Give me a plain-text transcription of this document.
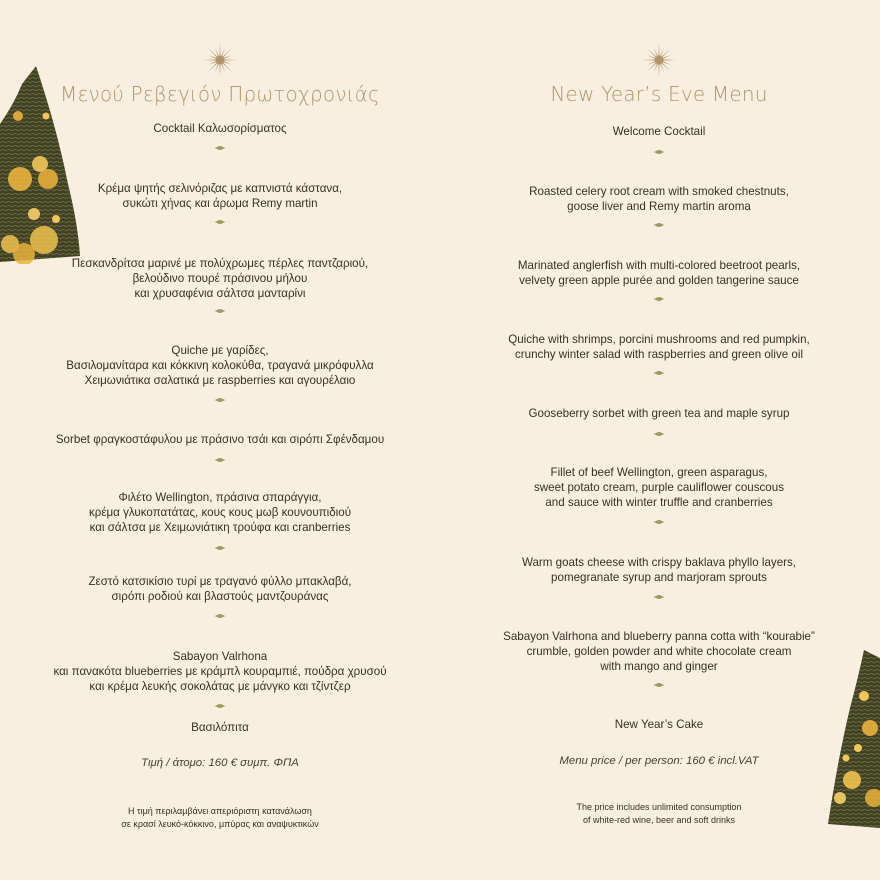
Μενού Ρεβεγιόν Πρωτοχρονιάς
Cocktail Καλωσορίσματος
Κρέμα ψητής σελινόριζας με καπνιστά κάστανα,
συκώτι χήνας και άρωμα Remy martin
Πεσκανδρίτσα μαρινέ με πολύχρωμες πέρλες παντζαριού,
βελούδινο πουρέ πράσινου μήλου
και χρυσαφένια σάλτσα μανταρίνι
Quiche με γαρίδες,
Βασιλομανίταρα και κόκκινη κολοκύθα, τραγανά μικρόφυλλα
Χειμωνιάτικα σαλατικά με raspberries και αγουρέλαιο
Sorbet φραγκοστάφυλου με πράσινο τσάι και σιρόπι Σφένδαμου
Φιλέτο Wellington, πράσινα σπαράγγια,
κρέμα γλυκοπατάτας, κους κους μωβ κουνουπιδιού
και σάλτσα με Χειμωνιάτικη τρούφα και cranberries
Ζεστό κατσικίσιο τυρί με τραγανό φύλλο μπακλαβά,
σιρόπι ροδιού και βλαστούς μαντζουράνας
Sabayon Valrhona
και πανακότα blueberries με κράμπλ κουραμπιέ, πούδρα χρυσού
και κρέμα λευκής σοκολάτας με μάνγκο και τζίντζερ
Βασιλόπιτα
Τιμή / άτομο: 160 € συμπ. ΦΠΑ
Η τιμή περιλαμβάνει απεριόριστη κατανάλωση
σε κρασί λευκό-κόκκινο, μπύρας και αναψυκτικών
New Year’s Eve Menu
Welcome Cocktail
Roasted celery root cream with smoked chestnuts,
goose liver and Remy martin aroma
Marinated anglerfish with multi-colored beetroot pearls,
velvety green apple purée and golden tangerine sauce
Quiche with shrimps, porcini mushrooms and red pumpkin,
crunchy winter salad with raspberries and green olive oil
Gooseberry sorbet with green tea and maple syrup
Fillet of beef Wellington, green asparagus,
sweet potato cream, purple cauliflower couscous
and sauce with winter truffle and cranberries
Warm goats cheese with crispy baklava phyllo layers,
pomegranate syrup and marjoram sprouts
Sabayon Valrhona and blueberry panna cotta with “kourabie”
crumble, golden powder and white chocolate cream
with mango and ginger
New Year’s Cake
Menu price / per person: 160 € incl.VAT
The price includes unlimited consumption
of white-red wine, beer and soft drinks
